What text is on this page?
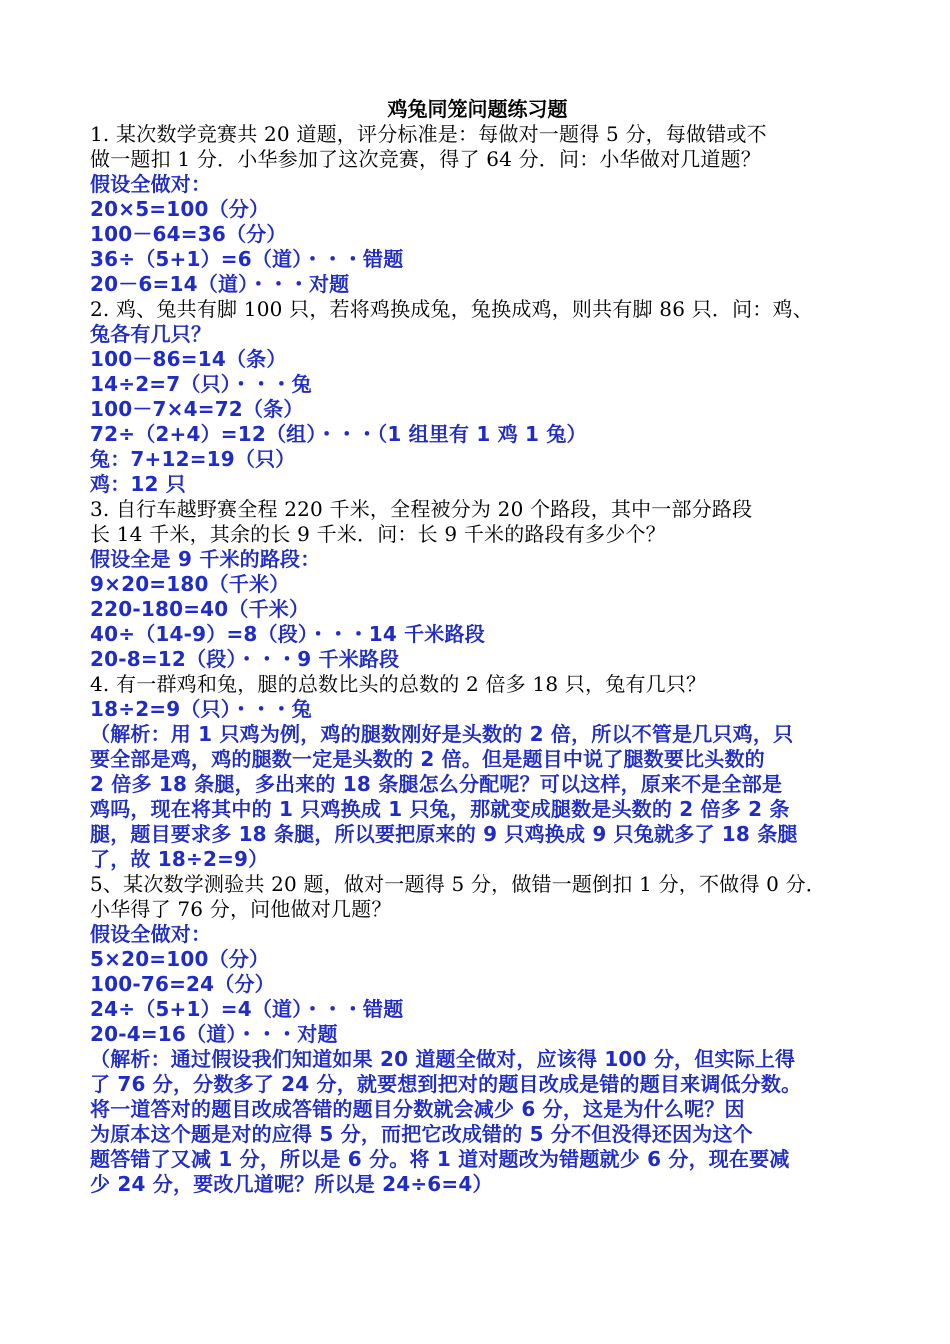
鸡兔同笼问题练习题
1. 某次数学竞赛共 20 道题，评分标准是：每做对一题得 5 分，每做错或不
做一题扣 1 分．小华参加了这次竞赛，得了 64 分．问：小华做对几道题？
假设全做对：
20×5=100（分）
100－64=36（分）
36÷（5+1）=6（道）・・・错题
20－6=14（道）・・・对题
2. 鸡、兔共有脚 100 只，若将鸡换成兔，兔换成鸡，则共有脚 86 只．问：鸡、
兔各有几只？
100－86=14（条）
14÷2=7（只）・・・兔
100－7×4=72（条）
72÷（2+4）=12（组）・・・（1 组里有 1 鸡 1 兔）
兔：7+12=19（只）
鸡：12 只
3. 自行车越野赛全程 220 千米，全程被分为 20 个路段，其中一部分路段
长 14 千米，其余的长 9 千米．问：长 9 千米的路段有多少个？
假设全是 9 千米的路段：
9×20=180（千米）
220-180=40（千米）
40÷（14-9）=8（段）・・・14 千米路段
20-8=12（段）・・・9 千米路段
4. 有一群鸡和兔，腿的总数比头的总数的 2 倍多 18 只，兔有几只？
18÷2=9（只）・・・兔
（解析：用 1 只鸡为例，鸡的腿数刚好是头数的 2 倍，所以不管是几只鸡，只
要全部是鸡，鸡的腿数一定是头数的 2 倍。但是题目中说了腿数要比头数的
2 倍多 18 条腿，多出来的 18 条腿怎么分配呢？可以这样，原来不是全部是
鸡吗，现在将其中的 1 只鸡换成 1 只兔，那就变成腿数是头数的 2 倍多 2 条
腿，题目要求多 18 条腿，所以要把原来的 9 只鸡换成 9 只兔就多了 18 条腿
了，故 18÷2=9）
5、某次数学测验共 20 题，做对一题得 5 分，做错一题倒扣 1 分，不做得 0 分．
小华得了 76 分，问他做对几题？
假设全做对：
5×20=100（分）
100-76=24（分）
24÷（5+1）=4（道）・・・错题
20-4=16（道）・・・对题
（解析：通过假设我们知道如果 20 道题全做对，应该得 100 分，但实际上得
了 76 分，分数多了 24 分，就要想到把对的题目改成是错的题目来调低分数。
将一道答对的题目改成答错的题目分数就会减少 6 分，这是为什么呢？因
为原本这个题是对的应得 5 分，而把它改成错的 5 分不但没得还因为这个
题答错了又减 1 分，所以是 6 分。将 1 道对题改为错题就少 6 分，现在要减
少 24 分，要改几道呢？所以是 24÷6=4）
